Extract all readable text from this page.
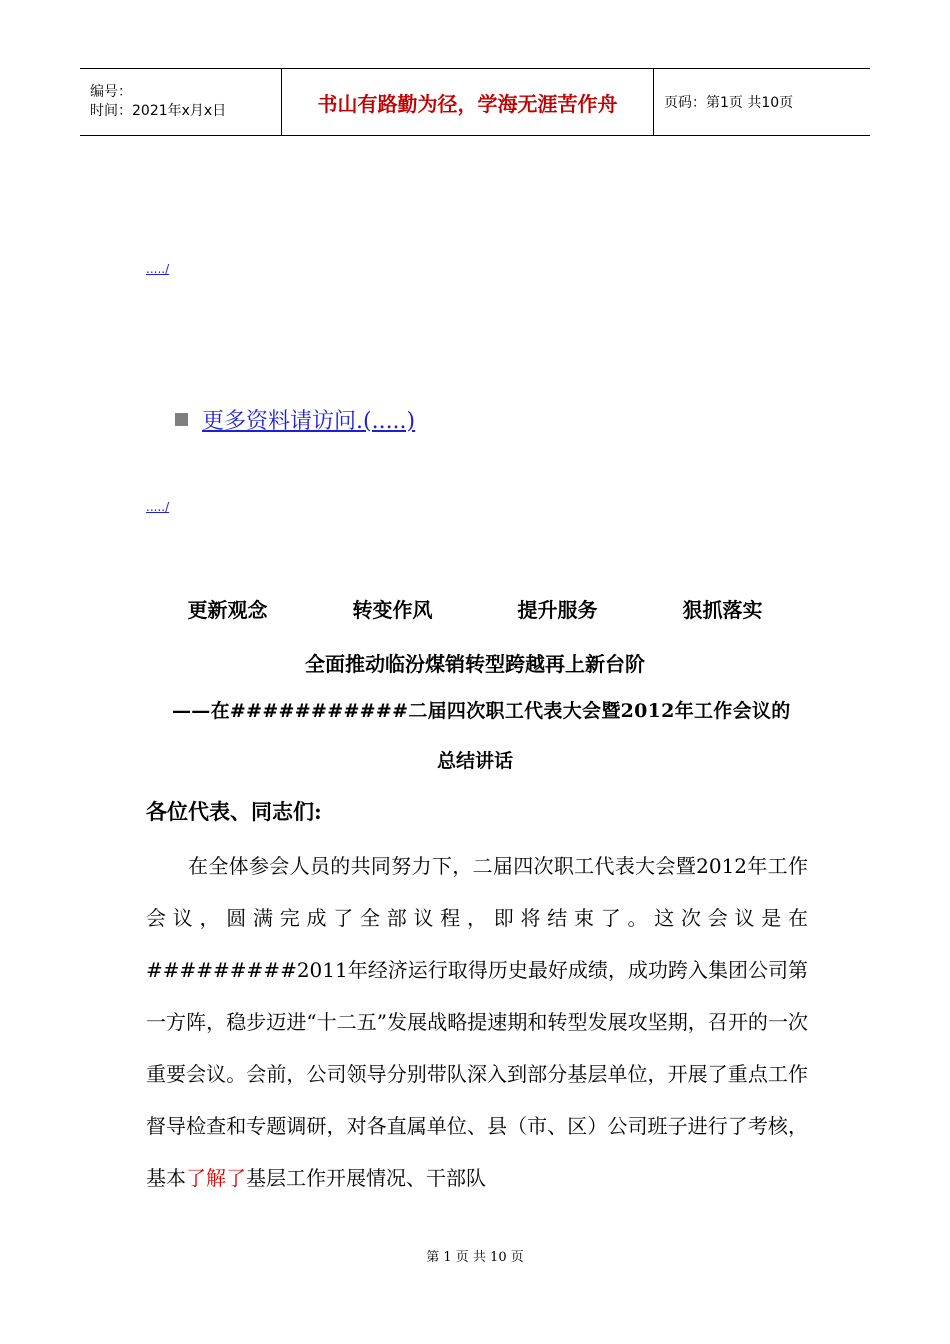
编号：
时间：2021年x月x日	书山有路勤为径，学海无涯苦作舟	页码：第1页 共10页
...../
更多资料请访问.(.....)
...../
更新观念	转变作风	提升服务	狠抓落实
全面推动临汾煤销转型跨越再上新台阶
——在###########二届四次职工代表大会暨2012年工作会议的
总结讲话
各位代表、同志们:

在全体参会人员的共同努力下，二届四次职工代表大会暨2012年工作会议，圆满完成了全部议程，即将结束了。这次会议是在#########2011年经济运行取得历史最好成绩，成功跨入集团公司第一方阵，稳步迈进“十二五”发展战略提速期和转型发展攻坚期，召开的一次重要会议。会前，公司领导分别带队深入到部分基层单位，开展了重点工作督导检查和专题调研，对各直属单位、县（市、区）公司班子进行了考核，基本了解了基层工作开展情况、干部队

第 1 页 共 10 页
